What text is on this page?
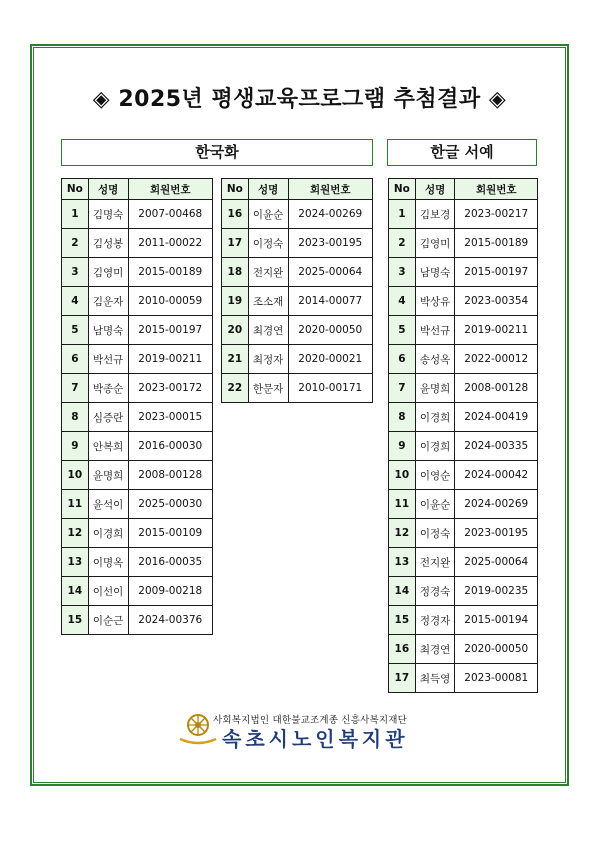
◈ 2025년 평생교육프로그램 추첨결과 ◈
한국화	한글 서예
No	성명	회원번호
1	김명숙	2007-00468
2	김성봉	2011-00022
3	김영미	2015-00189
4	김운자	2010-00059
5	남명숙	2015-00197
6	박선규	2019-00211
7	박종순	2023-00172
8	심증란	2023-00015
9	안복희	2016-00030
10	윤명희	2008-00128
11	윤석이	2025-00030
12	이경희	2015-00109
13	이명옥	2016-00035
14	이선이	2009-00218
15	이순근	2024-00376
No	성명	회원번호
16	이윤순	2024-00269
17	이정숙	2023-00195
18	전지완	2025-00064
19	조소재	2014-00077
20	최경연	2020-00050
21	최정자	2020-00021
22	한문자	2010-00171
No	성명	회원번호
1	김보경	2023-00217
2	김영미	2015-00189
3	남명숙	2015-00197
4	박상유	2023-00354
5	박선규	2019-00211
6	송성옥	2022-00012
7	윤명희	2008-00128
8	이경희	2024-00419
9	이경희	2024-00335
10	이영순	2024-00042
11	이윤순	2024-00269
12	이정숙	2023-00195
13	전지완	2025-00064
14	정경숙	2019-00235
15	정경자	2015-00194
16	최경연	2020-00050
17	최득영	2023-00081
사회복지법인 대한불교조계종 신흥사복지재단
속초시노인복지관
